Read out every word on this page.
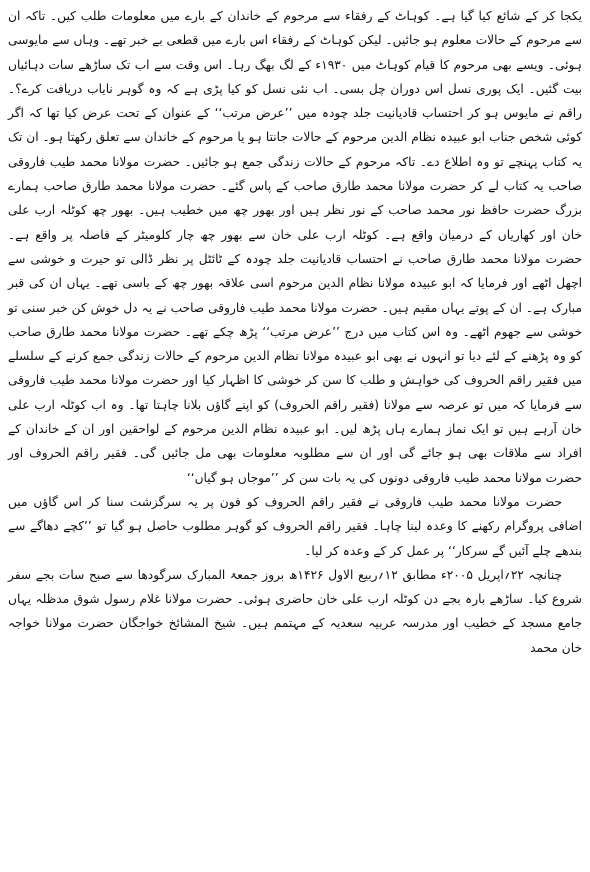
یکجا کر کے شائع کیا گیا ہے۔ کوہاٹ کے رفقاء سے مرحوم کے خاندان کے بارے میں معلومات طلب کیں۔ تاکہ ان سے مرحوم کے حالات معلوم ہو جائیں۔ لیکن کوہاٹ کے رفقاء اس بارے میں قطعی بے خبر تھے۔ وہاں سے مایوسی ہوئی۔ ویسے بھی مرحوم کا قیام کوہاٹ میں ۱۹۳۰ء کے لگ بھگ رہا۔ اس وقت سے اب تک ساڑھے سات دہائیاں بیت گئیں۔ ایک پوری نسل اس دوران چل بسی۔ اب نئی نسل کو کیا پڑی ہے کہ وہ گوہر نایاب دریافت کرے؟۔ راقم نے مایوس ہو کر احتساب قادیانیت جلد چودہ میں ’’عرض مرتب‘‘ کے عنوان کے تحت عرض کیا تھا کہ اگر کوئی شخص جناب ابو عبیدہ نظام الدین مرحوم کے حالات جانتا ہو یا مرحوم کے خاندان سے تعلق رکھتا ہو۔ ان تک یہ کتاب پہنچے تو وہ اطلاع دے۔ تاکہ مرحوم کے حالات زندگی جمع ہو جائیں۔ حضرت مولانا محمد طیب فاروقی صاحب یہ کتاب لے کر حضرت مولانا محمد طارق صاحب کے پاس گئے۔ حضرت مولانا محمد طارق صاحب ہمارے بزرگ حضرت حافظ نور محمد صاحب کے نور نظر ہیں اور بھور چھ میں خطیب ہیں۔ بھور چھ کوٹلہ ارب علی خان اور کھاریاں کے درمیان واقع ہے۔ کوٹلہ ارب علی خان سے بھور چھ چار کلومیٹر کے فاصلہ پر واقع ہے۔ حضرت مولانا محمد طارق صاحب نے احتساب قادیانیت جلد چودہ کے ٹائٹل پر نظر ڈالی تو حیرت و خوشی سے اچھل اٹھے اور فرمایا کہ ابو عبیدہ مولانا نظام الدین مرحوم اسی علاقہ بھور چھ کے باسی تھے۔ یہاں ان کی قبر مبارک ہے۔ ان کے پوتے یہاں مقیم ہیں۔ حضرت مولانا محمد طیب فاروقی صاحب نے یہ دل خوش کن خبر سنی تو خوشی سے جھوم اٹھے۔ وہ اس کتاب میں درج ’’عرض مرتب‘‘ پڑھ چکے تھے۔ حضرت مولانا محمد طارق صاحب کو وہ پڑھنے کے لئے دیا تو انہوں نے بھی ابو عبیدہ مولانا نظام الدین مرحوم کے حالات زندگی جمع کرنے کے سلسلے میں فقیر راقم الحروف کی خواہش و طلب کا سن کر خوشی کا اظہار کیا اور حضرت مولانا محمد طیب فاروقی سے فرمایا کہ میں تو عرصہ سے مولانا (فقیر راقم الحروف) کو اپنے گاؤں بلانا چاہتا تھا۔ وہ اب کوٹلہ ارب علی خان آرہے ہیں تو ایک نماز ہمارے ہاں پڑھ لیں۔ ابو عبیدہ نظام الدین مرحوم کے لواحقین اور ان کے خاندان کے افراد سے ملاقات بھی ہو جائے گی اور ان سے مطلوبہ معلومات بھی مل جائیں گی۔ فقیر راقم الحروف اور حضرت مولانا محمد طیب فاروقی دونوں کی یہ بات سن کر ’’موجاں ہو گیاں‘‘

حضرت مولانا محمد طیب فاروقی نے فقیر راقم الحروف کو فون پر یہ سرگزشت سنا کر اس گاؤں میں اضافی پروگرام رکھنے کا وعدہ لینا چاہا۔ فقیر راقم الحروف کو گوہر مطلوب حاصل ہو گیا تو ’’کچے دھاگے سے بندھے چلے آئیں گے سرکار‘‘ پر عمل کر کے وعدہ کر لیا۔

چنانچہ ۲۲؍اپریل ۲۰۰۵ء مطابق ۱۲؍ربیع الاول ۱۴۲۶ھ بروز جمعۃ المبارک سرگودھا سے صبح سات بجے سفر شروع کیا۔ ساڑھے بارہ بجے دن کوٹلہ ارب علی خان حاضری ہوئی۔ حضرت مولانا غلام رسول شوق مدظلہ یہاں جامع مسجد کے خطیب اور مدرسہ عربیہ سعدیہ کے مہتمم ہیں۔ شیخ المشائخ خواجگان حضرت مولانا خواجہ خان محمد
